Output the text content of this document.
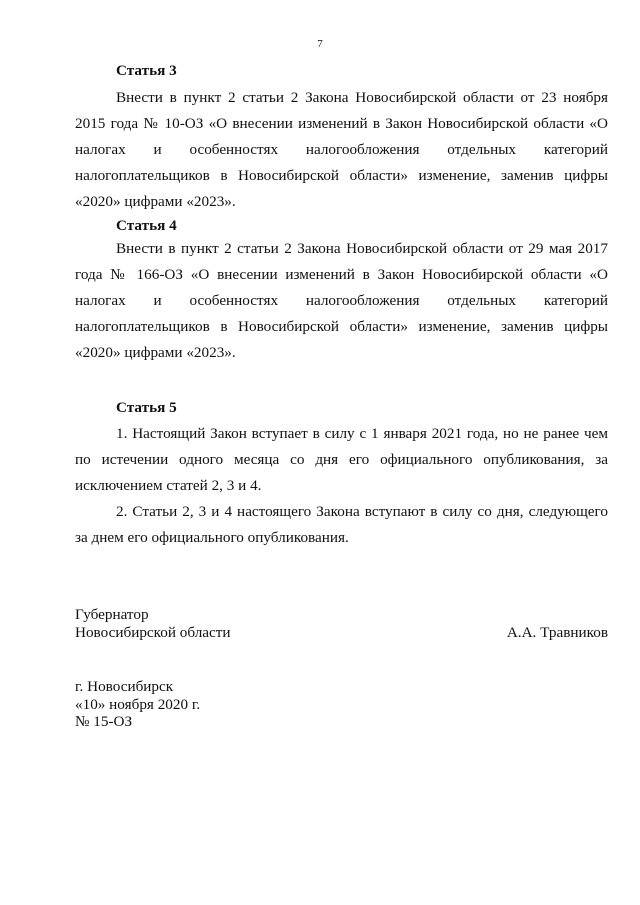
7
Статья 3

Внести в пункт 2 статьи 2 Закона Новосибирской области от 23 ноября 2015 года № 10-ОЗ «О внесении изменений в Закон Новосибирской области «О налогах и особенностях налогообложения отдельных категорий налогоплательщиков в Новосибирской области» изменение, заменив цифры «2020» цифрами «2023».

Статья 4

Внести в пункт 2 статьи 2 Закона Новосибирской области от 29 мая 2017 года № 166-ОЗ «О внесении изменений в Закон Новосибирской области «О налогах и особенностях налогообложения отдельных категорий налогоплательщиков в Новосибирской области» изменение, заменив цифры «2020» цифрами «2023».

Статья 5

1. Настоящий Закон вступает в силу с 1 января 2021 года, но не ранее чем по истечении одного месяца со дня его официального опубликования, за исключением статей 2, 3 и 4.

2. Статьи 2, 3 и 4 настоящего Закона вступают в силу со дня, следующего за днем его официального опубликования.

Губернатор
Новосибирской области	А.А. Травников
г. Новосибирск
«10» ноября 2020 г.
№ 15-ОЗ
